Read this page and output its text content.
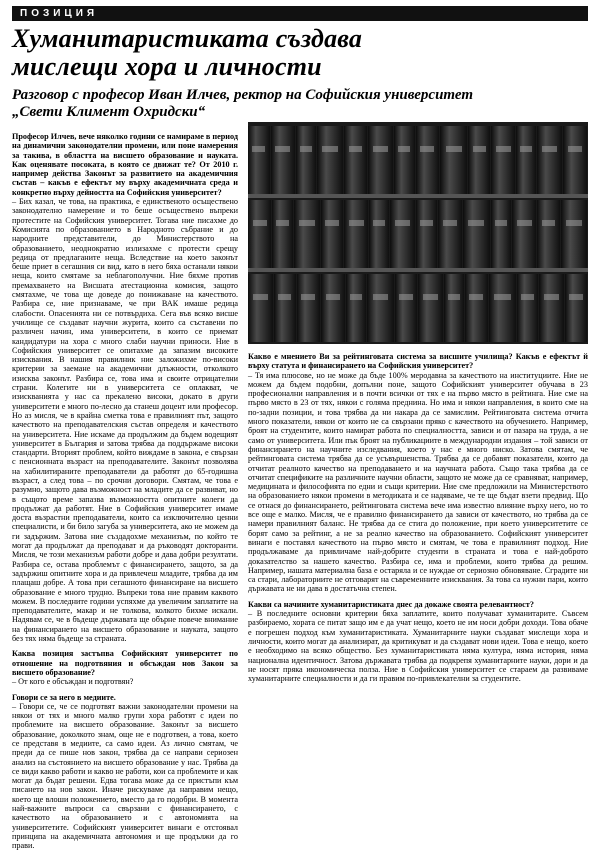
ПОЗИЦИЯ
Хуманитаристиката създава
мислещи хора и личности
Разговор с професор Иван Илчев, ректор на Софийския университет
„Свети Климент Охридски“

Професор Илчев, вече няколко години се намираме в период на динамични законодателни промени, или поне намерения за такива, в областта на висшето образование и науката. Как оценявате посоката, в която се движат те? От 2010 г. например действа Законът за развитието на академичния състав – какъв е ефектът му върху академичната среда и конкретно върху дейността на Софийския университет?

– Бих казал, че това, на практика, е единственото осъществено законодателно намерение и то беше осъществено въпреки протестите на Софийския университет. Тогава ние писахме до Комисията по образованието в Народното събрание и до народните представители, до Министерството на образованието, неоднократно излизахме с протести срещу редица от предлаганите неща. Вследствие на което законът беше приет в сегашния си вид, като в него бяха останали някои неща, които смятаме за неблагополучни. Ние бяхме против премахването на Висшата атестационна комисия, защото смятахме, че това ще доведе до понижаване на качеството. Разбира се, ние признаваме, че при ВАК имаше редица слабости. Опасенията ни се потвърдиха. Сега във всяко висше училище се създават научни журита, които са съставени по различен начин, има университети, в които се приемат кандидатури на хора с много слаби научни приноси. Ние в Софийския университет се опитахме да запазим високите изисквания. В нашия правилник ние заложихме по-високи критерии за заемане на академични длъжности, отколкото изисква законът. Разбира се, това има и своите отрицателни страни. Колегите ни в университета се оплакват, че изискванията у нас са прекалено високи, докато в други университети е много по-лесно да станеш доцент или професор. Но аз мисля, че в крайна сметка това е правилният път, защото качеството на преподавателския състав определя и качеството на университета. Ние искаме да продължим да бъдем водещият университет в България и затова трябва да поддържаме високи стандарти. Вторият проблем, който виждаме в закона, е свързан с пенсионната възраст на преподавателите. Законът позволява на хабилитираните преподаватели да работят до 65-годишна възраст, а след това – по срочни договори. Смятам, че това е разумно, защото дава възможност на младите да се развиват, но в същото време запазва възможността опитните колеги да продължат да работят. Ние в Софийския университет имаме доста възрастни преподаватели, които са изключително ценни специалисти, и би било загуба за университета, ако не можем да ги задържим. Затова ние създадохме механизъм, по който те могат да продължат да преподават и да ръководят докторанти. Мисля, че този механизъм работи добре и дава добри резултати. Разбира се, остава проблемът с финансирането, защото, за да задържиш опитните хора и да привлечеш младите, трябва да им плащаш добре. А това при сегашното финансиране на висшето образование е много трудно. Въпреки това ние правим каквото можем. В последните години успяхме да увеличим заплатите на преподавателите, макар и не толкова, колкото бихме искали. Надявам се, че в бъдеще държавата ще обърне повече внимание на финансирането на висшето образование и науката, защото без тях няма бъдеще за страната.

Каква позиция застъпва Софийският университет по отношение на подготвяния и обсъждан нов Закон за висшето образование?

– От кого е обсъждан и подготвян?

Говори се за него в медиите.

– Говори се, че се подготвят важни законодателни промени на някои от тях и много малко групи хора работят с идеи по проблемите на висшето образование. Законът за висшето образование, доколкото знам, още не е подготвен, а това, което се представя в медиите, са само идеи. Аз лично смятам, че преди да се пише нов закон, трябва да се направи сериозен анализ на състоянието на висшето образование у нас. Трябва да се види какво работи и какво не работи, кои са проблемите и как могат да бъдат решени. Едва тогава може да се пристъпи към писането на нов закон. Иначе рискуваме да направим нещо, което ще влоши положението, вместо да го подобри. В момента най-важните въпроси са свързани с финансирането, с качеството на образованието и с автономията на университетите. Софийският университет винаги е отстоявал принципа на академичната автономия и ще продължи да го прави.

Какво е мнението Ви за рейтинговата система за висшите училища? Какъв е ефектът й върху статута и финансирането на Софийския университет?

– Тя има плюсове, но не може да бъде 100% меродавна за качеството на институциите. Ние не можем да бъдем подобни, допълни поне, защото Софийският университет обучава в 23 професионални направления и в почти всички от тях е на първо място в рейтинга. Ние сме на първо място в 23 от тях, някои с голяма преднина. Но има и някои направления, в които сме на по-задни позиции, и това трябва да ни накара да се замислим. Рейтинговата система отчита много показатели, някои от които не са свързани пряко с качеството на обучението. Например, броят на студентите, които намират работа по специалността, зависи и от пазара на труда, а не само от университета. Или пък броят на публикациите в международни издания – той зависи от финансирането на научните изследвания, което у нас е много ниско. Затова смятам, че рейтинговата система трябва да се усъвършенства. Трябва да се добавят показатели, които да отчитат реалното качество на преподаването и на научната работа. Също така трябва да се отчитат спецификите на различните научни области, защото не може да се сравняват, например, медицината и философията по едни и същи критерии. Ние сме предложили на Министерството на образованието някои промени в методиката и се надяваме, че те ще бъдат взети предвид. Що се отнася до финансирането, рейтинговата система вече има известно влияние върху него, но то все още е малко. Мисля, че е правилно финансирането да зависи от качеството, но трябва да се намери правилният баланс. Не трябва да се стига до положение, при което университетите се борят само за рейтинг, а не за реално качество на образованието. Софийският университет винаги е поставял качеството на първо място и смятам, че това е правилният подход. Ние продължаваме да привличаме най-добрите студенти в страната и това е най-доброто доказателство за нашето качество. Разбира се, има и проблеми, които трябва да решим. Например, нашата материална база е остаряла и се нуждае от сериозно обновяване. Сградите ни са стари, лабораториите не отговарят на съвременните изисквания. За това са нужни пари, които държавата не ни дава в достатъчна степен.

Какви са начините хуманитаристиката днес да докаже своята релевантност?

– В последните основни критерии бяха заплатите, които получават хуманитарите. Съвсем разбираемо, хората се питат защо им е да учат нещо, което не им носи добри доходи. Това обаче е погрешен подход към хуманитаристиката. Хуманитарните науки създават мислещи хора и личности, които могат да анализират, да критикуват и да създават нови идеи. Това е нещо, което е необходимо на всяко общество. Без хуманитаристиката няма култура, няма история, няма национална идентичност. Затова държавата трябва да подкрепя хуманитарните науки, дори и да не носят пряка икономическа полза. Ние в Софийския университет се стараем да развиваме хуманитарните специалности и да ги правим по-привлекателни за студентите.
